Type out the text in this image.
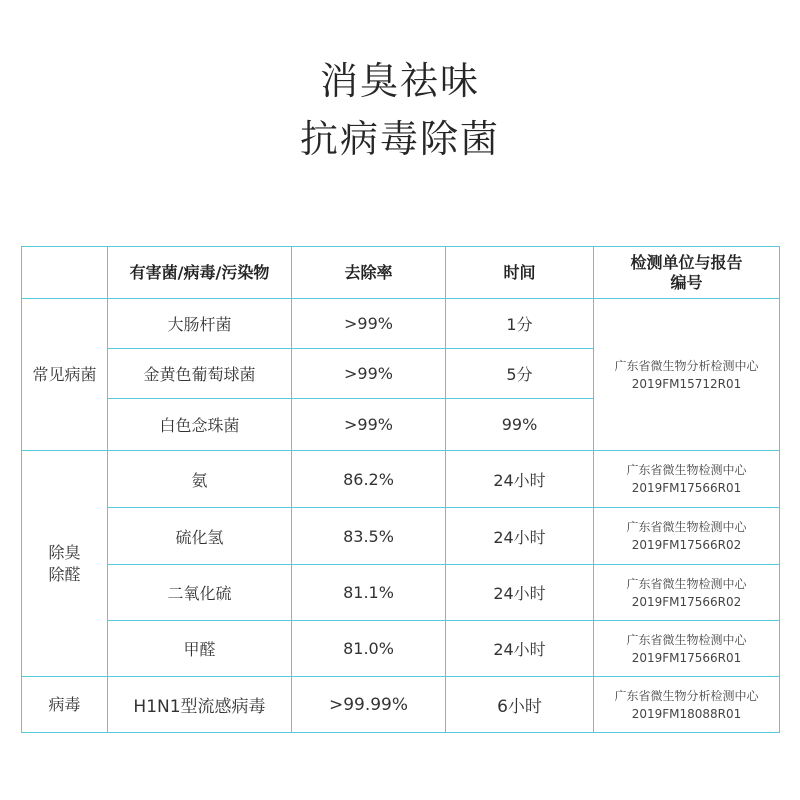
消臭祛味
抗病毒除菌
	有害菌/病毒/污染物	去除率	时间	检测单位与报告
编号

常见病菌	大肠杆菌	>99%	1分	广东省微生物分析检测中心
2019FM15712R01

	金黄色葡萄球菌	>99%	5分	
	白色念珠菌	>99%	99%	

除臭
除醛	氨	86.2%	24小时	广东省微生物检测中心
2019FM17566R01

	硫化氢	83.5%	24小时	广东省微生物检测中心
2019FM17566R02

	二氧化硫	81.1%	24小时	广东省微生物检测中心
2019FM17566R02

	甲醛	81.0%	24小时	广东省微生物检测中心
2019FM17566R01

病毒	H1N1型流感病毒	>99.99%	6小时	广东省微生物分析检测中心
2019FM18088R01
